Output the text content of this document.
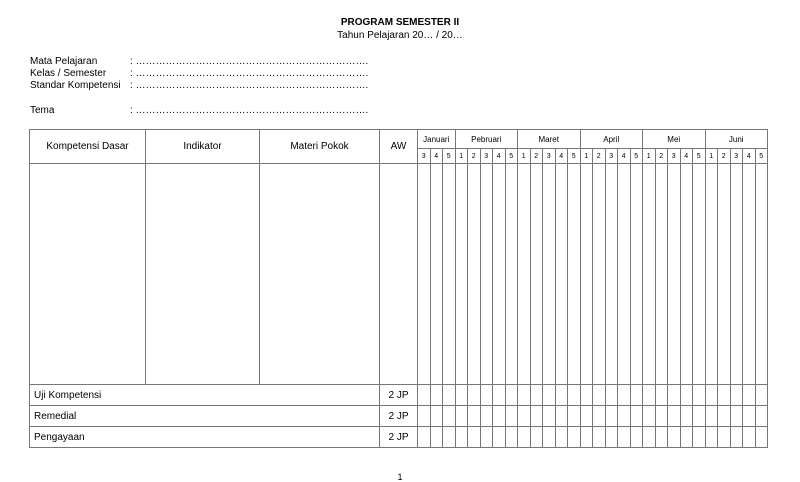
PROGRAM SEMESTER II
Tahun Pelajaran 20… / 20…
Mata Pelajaran	: …………………………………………………………….
Kelas / Semester : …………………………………………………………….
Standar Kompetensi : …………………………………………………………….
Tema	: …………………………………………………………….
Kompetensi Dasar	Indikator	Materi Pokok	AW	Januari			Pebruari					Maret					April					Mei					Juni				
				3	4	5	1	2	3	4	5	1	2	3	4	5	1	2	3	4	5	1	2	3	4	5	1	2	3	4	5

Uji Kompetensi			2 JP																												
Remedial			2 JP																												
Pengayaan			2 JP																												
1
